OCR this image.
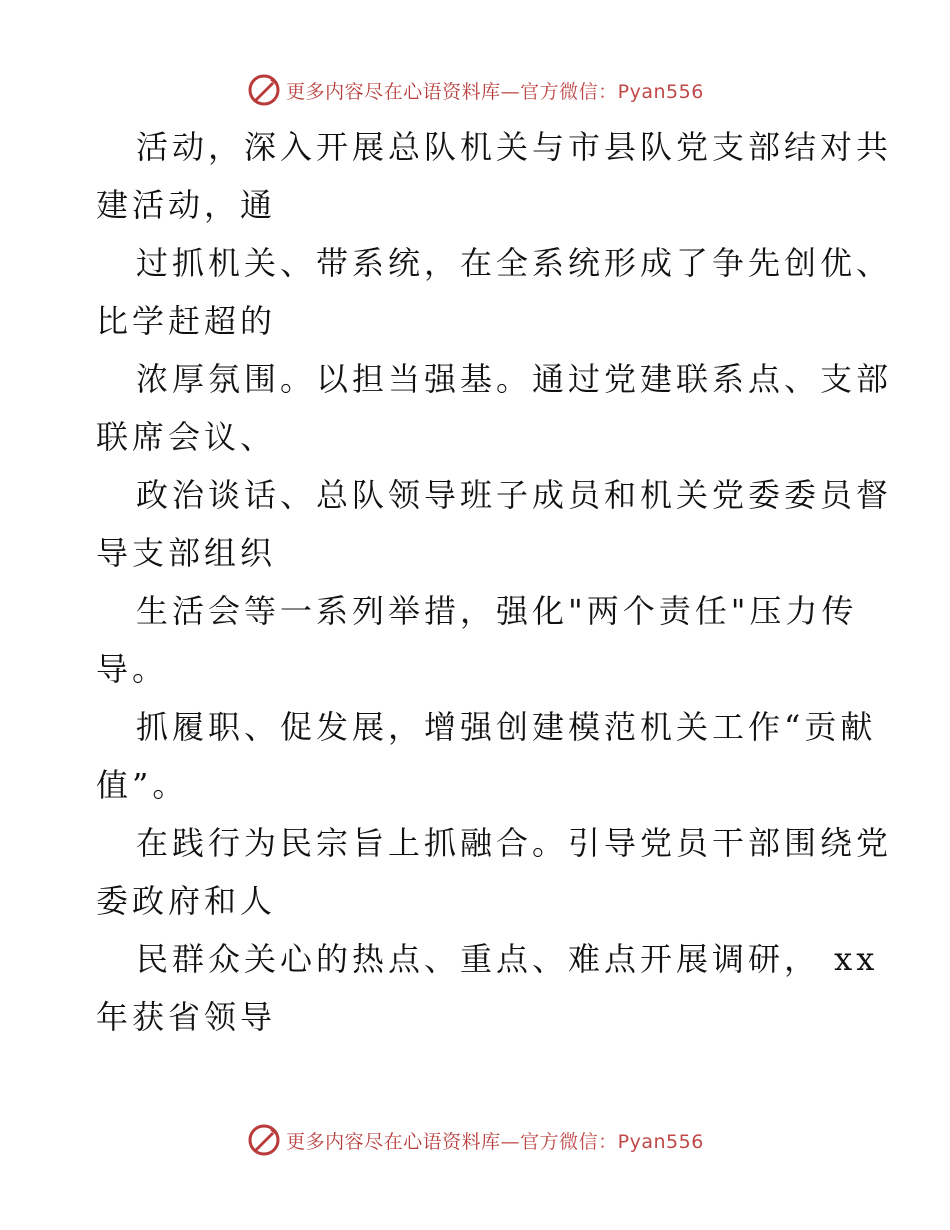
更多内容尽在心语资料库—官方微信：Pyan556

活动，深入开展总队机关与市县队党支部结对共
建活动，通

过抓机关、带系统，在全系统形成了争先创优、
比学赶超的

浓厚氛围。以担当强基。通过党建联系点、支部
联席会议、

政治谈话、总队领导班子成员和机关党委委员督
导支部组织

生活会等一系列举措，强化"两个责任"压力传
导。

抓履职、促发展，增强创建模范机关工作“贡献
值”。

在践行为民宗旨上抓融合。引导党员干部围绕党
委政府和人

民群众关心的热点、重点、难点开展调研， xx
年获省领导

更多内容尽在心语资料库—官方微信：Pyan556
